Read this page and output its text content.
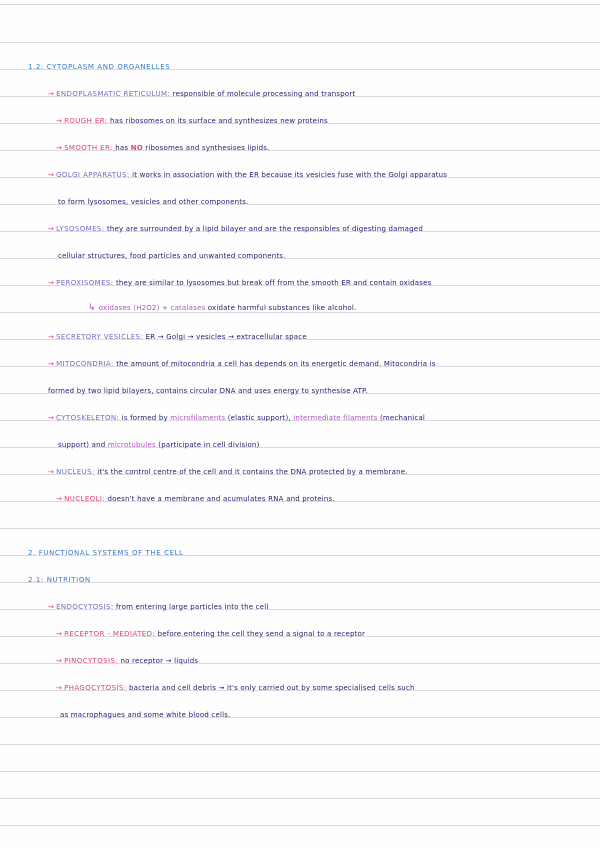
1.2: CYTOPLASM AND ORGANELLES
→ ENDOPLASMATIC RETICULUM: responsible of molecule processing and transport
→ ROUGH ER: has ribosomes on its surface and synthesizes new proteins
→ SMOOTH ER: has NO ribosomes and synthesises lipids.
→ GOLGI APPARATUS: it works in association with the ER because its vesicles fuse with the Golgi apparatus
to form lysosomes, vesicles and other components.
→ LYSOSOMES: they are surrounded by a lipid bilayer and are the responsibles of digesting damaged
cellular structures, food particles and unwanted components.
→ PEROXISOMES: they are similar to lysosomes but break off from the smooth ER and contain oxidases
↳ oxidases (H2O2) + catalases oxidate harmful substances like alcohol.
→ SECRETORY VESICLES: ER → Golgi → vesicles → extracellular space
→ MITOCONDRIA: the amount of mitocondria a cell has depends on its energetic demand. Mitocondria is
formed by two lipid bilayers, contains circular DNA and uses energy to synthesise ATP.
→ CYTOSKELETON: is formed by microfilaments (elastic support), intermediate filaments (mechanical
support) and microtubules (participate in cell division)
→ NUCLEUS: it's the control centre of the cell and it contains the DNA protected by a membrane.
→ NUCLEOLI: doesn't have a membrane and acumulates RNA and proteins.
2. FUNCTIONAL SYSTEMS OF THE CELL
2.1: NUTRITION
→ ENDOCYTOSIS: from entering large particles into the cell
→ RECEPTOR - MEDIATED: before entering the cell they send a signal to a receptor
→ PINOCYTOSIS: no receptor → liquids
→ PHAGOCYTOSIS: bacteria and cell debris → it's only carried out by some specialised cells such
as macrophagues and some white blood cells.
